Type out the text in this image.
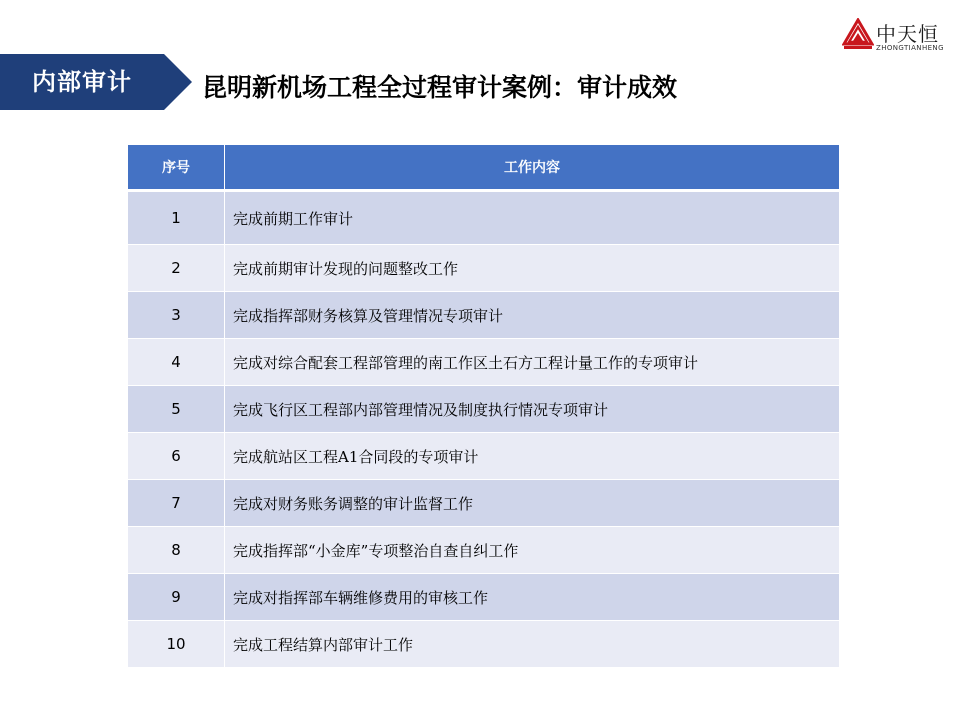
内部审计	昆明新机场工程全过程审计案例：审计成效
中天恒
ZHONGTIANHENG
序号	工作内容
1	完成前期工作审计
2	完成前期审计发现的问题整改工作
3	完成指挥部财务核算及管理情况专项审计
4	完成对综合配套工程部管理的南工作区土石方工程计量工作的专项审计
5	完成飞行区工程部内部管理情况及制度执行情况专项审计
6	完成航站区工程A1合同段的专项审计
7	完成对财务账务调整的审计监督工作
8	完成指挥部“小金库”专项整治自查自纠工作
9	完成对指挥部车辆维修费用的审核工作
10	完成工程结算内部审计工作
